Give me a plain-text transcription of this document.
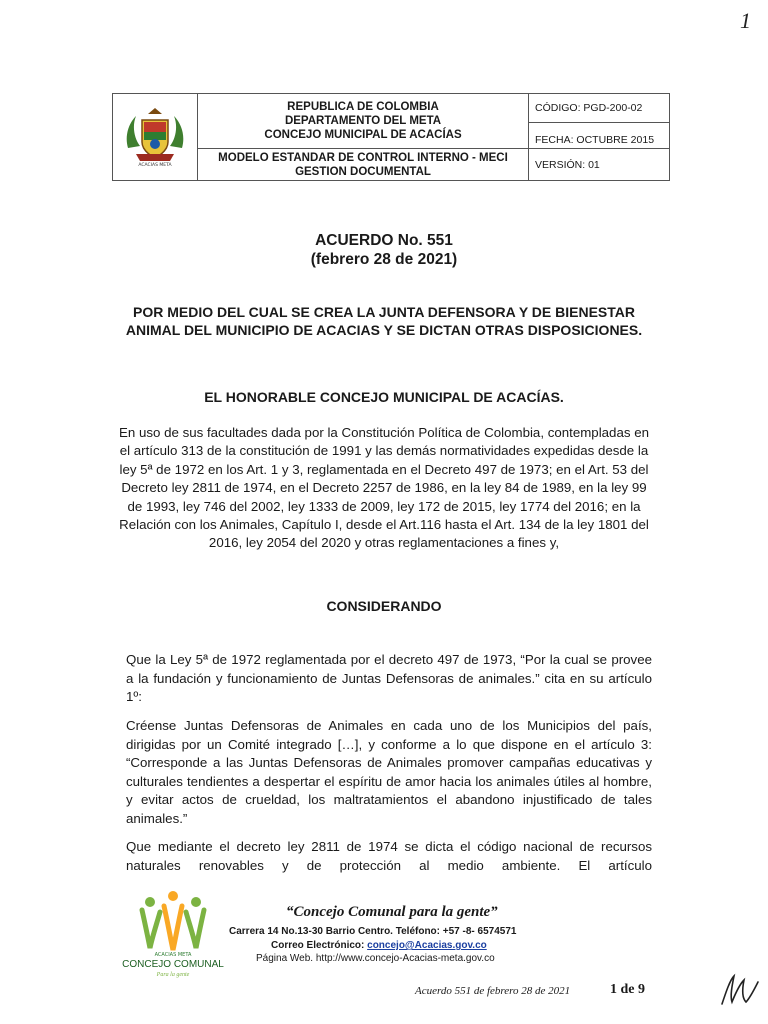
1
ACACIAS META
REPUBLICA DE COLOMBIA
DEPARTAMENTO DEL META
CONCEJO MUNICIPAL DE ACACÍAS
MODELO ESTANDAR DE CONTROL INTERNO - MECI
GESTION DOCUMENTAL
CÓDIGO: PGD-200-02
FECHA: OCTUBRE 2015
VERSIÓN: 01
ACUERDO No. 551
(febrero 28 de 2021)
POR MEDIO DEL CUAL SE CREA LA JUNTA DEFENSORA Y DE BIENESTAR ANIMAL DEL MUNICIPIO DE ACACIAS Y SE DICTAN OTRAS DISPOSICIONES.
EL HONORABLE CONCEJO MUNICIPAL DE ACACÍAS.
En uso de sus facultades dada por la Constitución Política de Colombia, contempladas en el artículo 313 de la constitución de 1991 y las demás normatividades expedidas desde la ley 5ª de 1972 en los Art. 1 y 3, reglamentada en el Decreto 497 de 1973; en el Art. 53 del Decreto ley 2811 de 1974, en el Decreto 2257 de 1986, en la ley 84 de 1989, en la ley 99 de 1993, ley 746 del 2002, ley 1333 de 2009, ley 172 de 2015, ley 1774 del 2016; en la Relación con los Animales, Capítulo I, desde el Art.116 hasta el Art. 134 de la ley 1801 del 2016, ley 2054 del 2020 y otras reglamentaciones a fines y,
CONSIDERANDO
Que la Ley 5ª de 1972 reglamentada por el decreto 497 de 1973, “Por la cual se provee a la fundación y funcionamiento de Juntas Defensoras de animales.” cita en su artículo 1º:
Créense Juntas Defensoras de Animales en cada uno de los Municipios del país, dirigidas por un Comité integrado […], y conforme a lo que dispone en el artículo 3: “Corresponde a las Juntas Defensoras de Animales promover campañas educativas y culturales tendientes a despertar el espíritu de amor hacia los animales útiles al hombre, y evitar actos de crueldad, los maltratamientos el abandono injustificado de tales animales.”
Que mediante el decreto ley 2811 de 1974 se dicta el código nacional de recursos naturales renovables y de protección al medio ambiente. El artículo
ACACIAS META
CONCEJO COMUNAL
Para la gente
“Concejo Comunal para la gente”
Carrera 14 No.13-30 Barrio Centro. Teléfono: +57 -8- 6574571
Correo Electrónico: concejo@Acacias.gov.co
Página Web. http://www.concejo-Acacias-meta.gov.co
Acuerdo 551 de febrero 28 de 2021	1 de 9
